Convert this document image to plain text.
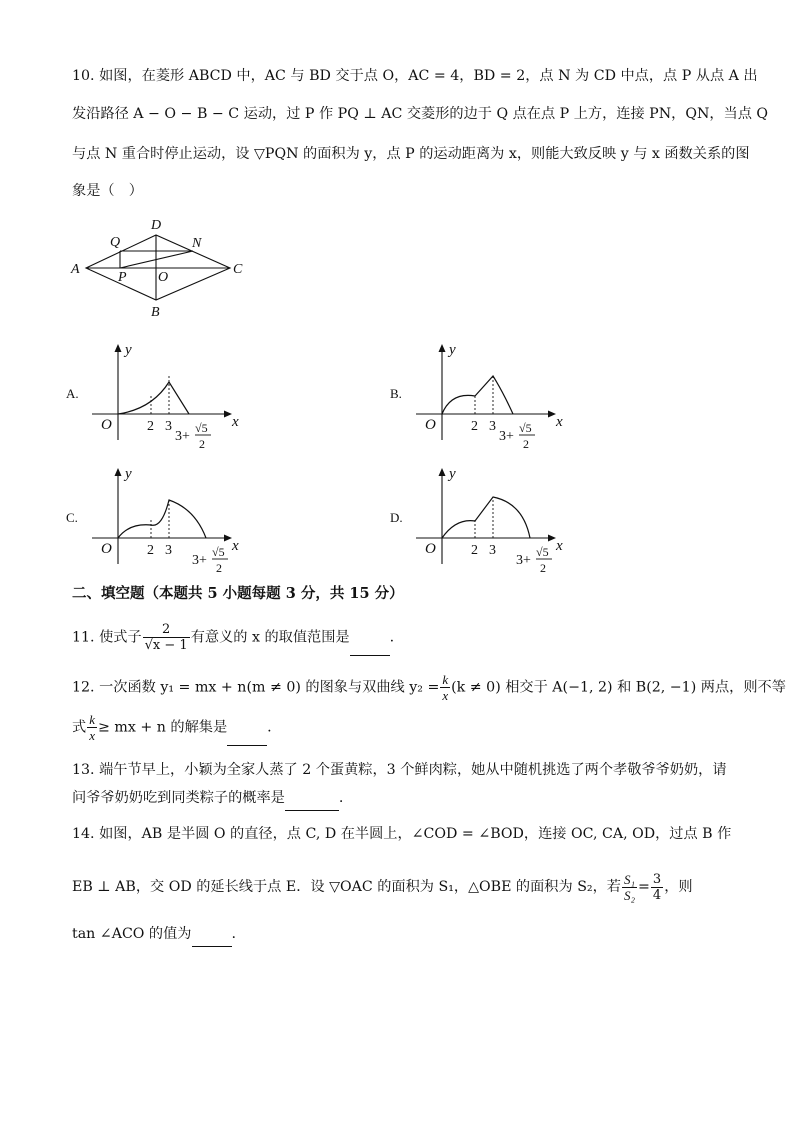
10. 如图，在菱形 ABCD 中，AC 与 BD 交于点 O，AC = 4，BD = 2，点 N 为 CD 中点，点 P 从点 A 出
发沿路径 A − O − B − C 运动，过 P 作 PQ ⊥ AC 交菱形的边于 Q 点在点 P 上方，连接 PN，QN，当点 Q
与点 N 重合时停止运动，设 ▽PQN 的面积为 y，点 P 的运动距离为 x，则能大致反映 y 与 x 函数关系的图
象是（　）
A
D
C
B
O
P
Q	N
A.
y
x
O	2 3
3+
√5
2
B.
y
x
O	2 3
3+
√5
2
C.
y
x
O	2 3
3+
√5
2
D.
y
x
O	2 3
3+
√5
2
二、填空题（本题共 5 小题每题 3 分，共 15 分）
11. 使式子 $\frac{2}{√x - 1}$ 有意义的 x 的取值范围是	.
12. 一次函数 y₁ = mx + n(m ≠ 0) 的图象与双曲线 $y_2 = \frac{k}{x} (k \ne 0)$ 相交于 A(−1, 2) 和 B(2, −1) 两点，则不等
式 $\frac{k}{x}$ ≥ mx + n 的解集是	.
13. 端午节早上，小颖为全家人蒸了 2 个蛋黄粽，3 个鲜肉粽，她从中随机挑选了两个孝敬爷爷奶奶，请
问爷爷奶奶吃到同类粽子的概率是	.
14. 如图，AB 是半圆 O 的直径，点 C, D 在半圆上，∠COD = ∠BOD，连接 OC, CA, OD，过点 B 作
EB ⊥ AB，交 OD 的延长线于点 E．设 ▽OAC 的面积为 S₁，△OBE 的面积为 S₂，若 $\frac{\text{S₁}}{\text{S₂}} = \frac{3}{4}$ ，则
tan ∠ACO 的值为	.
